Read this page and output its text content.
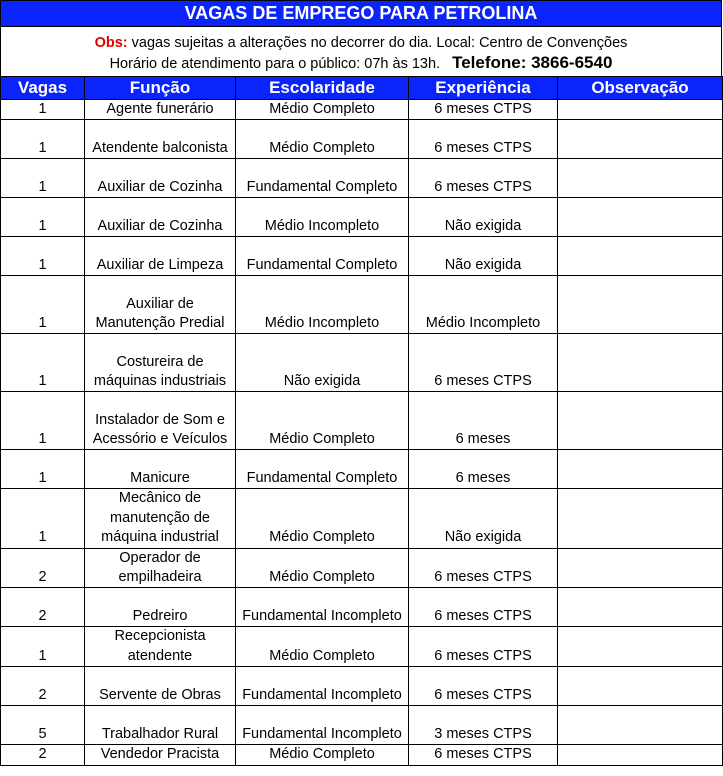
VAGAS DE EMPREGO PARA PETROLINA
Obs: vagas sujeitas a alterações no decorrer do dia. Local: Centro de Convenções
Horário de atendimento para o público: 07h às 13h. Telefone: 3866-6540
Vagas	Função	Escolaridade	Experiência	Observação
1	Agente funerário	Médio Completo	6 meses CTPS	
1	Atendente balconista	Médio Completo	6 meses CTPS	
1	Auxiliar de Cozinha	Fundamental Completo	6 meses CTPS	
1	Auxiliar de Cozinha	Médio Incompleto	Não exigida	
1	Auxiliar de Limpeza	Fundamental Completo	Não exigida	
1	Auxiliar de Manutenção Predial	Médio Incompleto	Médio Incompleto	
1	Costureira de máquinas industriais	Não exigida	6 meses CTPS	
1	Instalador de Som e Acessório e Veículos	Médio Completo	6 meses	
1	Manicure	Fundamental Completo	6 meses	
1	Mecânico de manutenção de máquina industrial	Médio Completo	Não exigida	
2	Operador de empilhadeira	Médio Completo	6 meses CTPS	
2	Pedreiro	Fundamental Incompleto	6 meses CTPS	
1	Recepcionista atendente	Médio Completo	6 meses CTPS	
2	Servente de Obras	Fundamental Incompleto	6 meses CTPS	
5	Trabalhador Rural	Fundamental Incompleto	3 meses CTPS	
2	Vendedor Pracista	Médio Completo	6 meses CTPS	
